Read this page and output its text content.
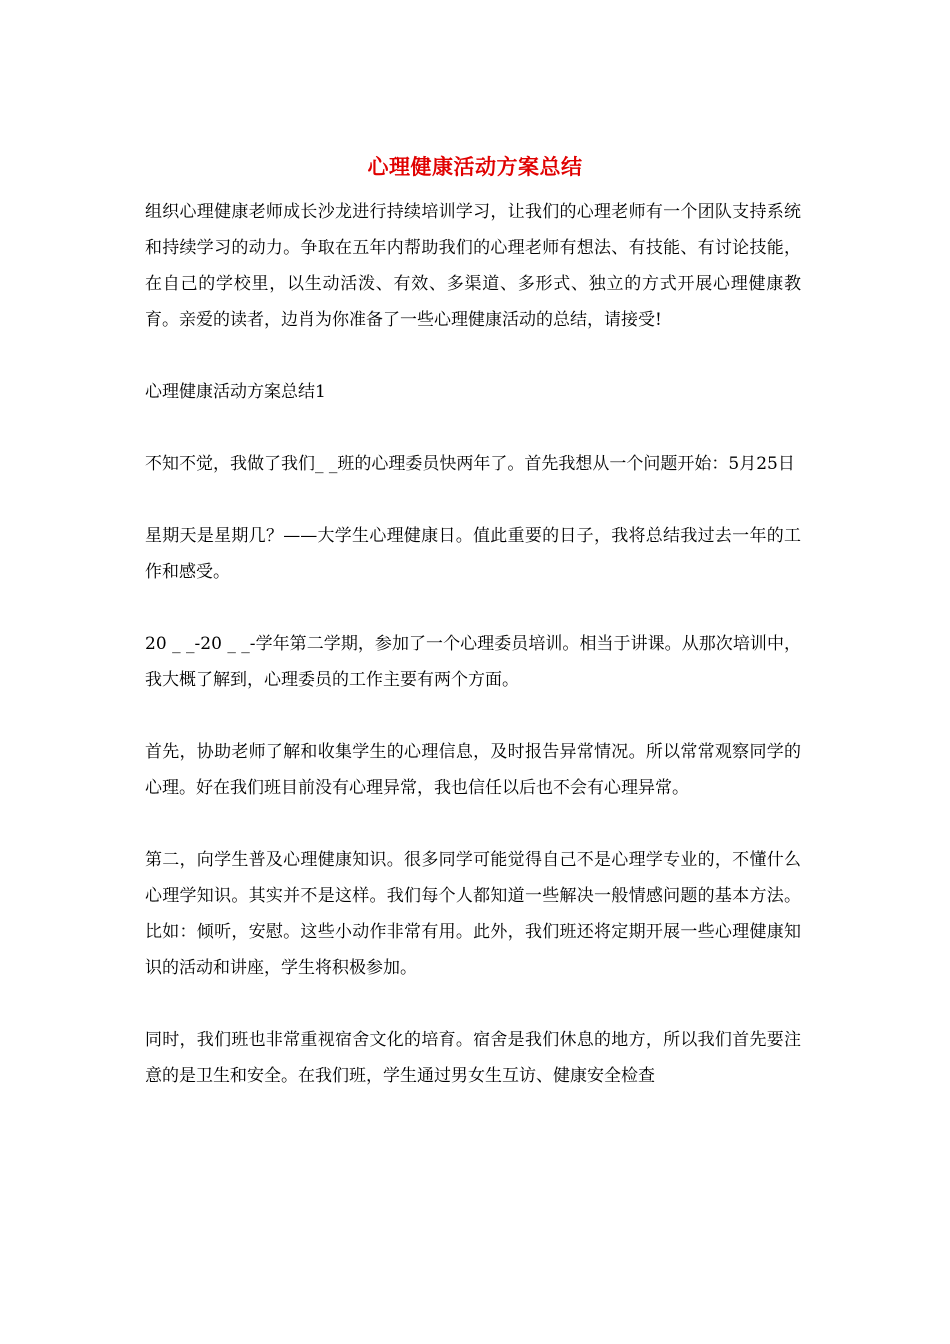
心理健康活动方案总结

组织心理健康老师成长沙龙进行持续培训学习，让我们的心理老师有一个团队支持系统和持续学习的动力。争取在五年内帮助我们的心理老师有想法、有技能、有讨论技能，在自己的学校里，以生动活泼、有效、多渠道、多形式、独立的方式开展心理健康教育。亲爱的读者，边肖为你准备了一些心理健康活动的总结，请接受!

心理健康活动方案总结1

不知不觉，我做了我们_ _班的心理委员快两年了。首先我想从一个问题开始：5月25日

星期天是星期几？——大学生心理健康日。值此重要的日子，我将总结我过去一年的工作和感受。

20 _ _-20 _ _-学年第二学期，参加了一个心理委员培训。相当于讲课。从那次培训中，我大概了解到，心理委员的工作主要有两个方面。

首先，协助老师了解和收集学生的心理信息，及时报告异常情况。所以常常观察同学的心理。好在我们班目前没有心理异常，我也信任以后也不会有心理异常。

第二，向学生普及心理健康知识。很多同学可能觉得自己不是心理学专业的，不懂什么心理学知识。其实并不是这样。我们每个人都知道一些解决一般情感问题的基本方法。比如：倾听，安慰。这些小动作非常有用。此外，我们班还将定期开展一些心理健康知识的活动和讲座，学生将积极参加。

同时，我们班也非常重视宿舍文化的培育。宿舍是我们休息的地方，所以我们首先要注意的是卫生和安全。在我们班，学生通过男女生互访、健康安全检查
